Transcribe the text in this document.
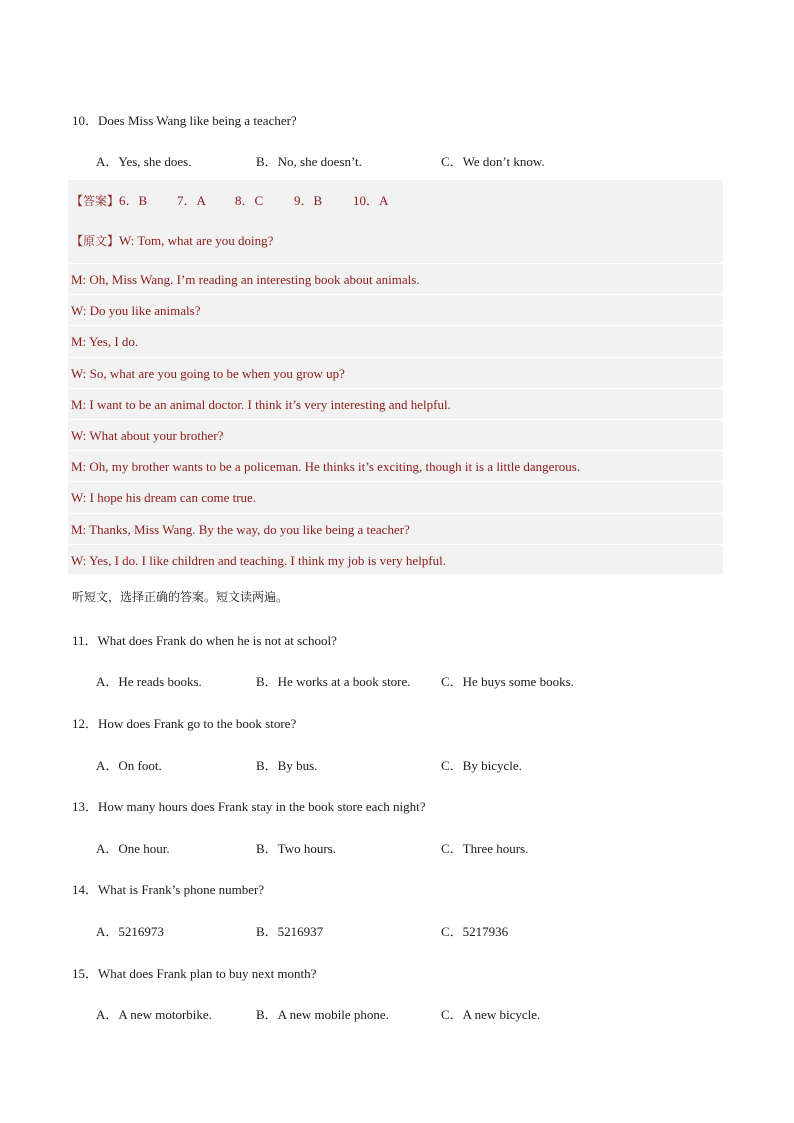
10．Does Miss Wang like being a teacher?
A．Yes, she does.	B．No, she doesn’t.	C．We don’t know.
【答案】6．B 7．A 8．C 9．B 10．A
【原文】W: Tom, what are you doing?
M: Oh, Miss Wang. I’m reading an interesting book about animals.
W: Do you like animals?
M: Yes, I do.
W: So, what are you going to be when you grow up?
M: I want to be an animal doctor. I think it’s very interesting and helpful.
W: What about your brother?
M: Oh, my brother wants to be a policeman. He thinks it’s exciting, though it is a little dangerous.
W: I hope his dream can come true.
M: Thanks, Miss Wang. By the way, do you like being a teacher?
W: Yes, I do. I like children and teaching. I think my job is very helpful.
听短文，选择正确的答案。短文读两遍。
11．What does Frank do when he is not at school?
A．He reads books.	B．He works at a book store. C．He buys some books.
12．How does Frank go to the book store?
A．On foot.	B．By bus.	C．By bicycle.
13．How many hours does Frank stay in the book store each night?
A．One hour.	B．Two hours.	C．Three hours.
14．What is Frank’s phone number?
A．5216973	B．5216937	C．5217936
15．What does Frank plan to buy next month?
A．A new motorbike.	B．A new mobile phone.	C．A new bicycle.
